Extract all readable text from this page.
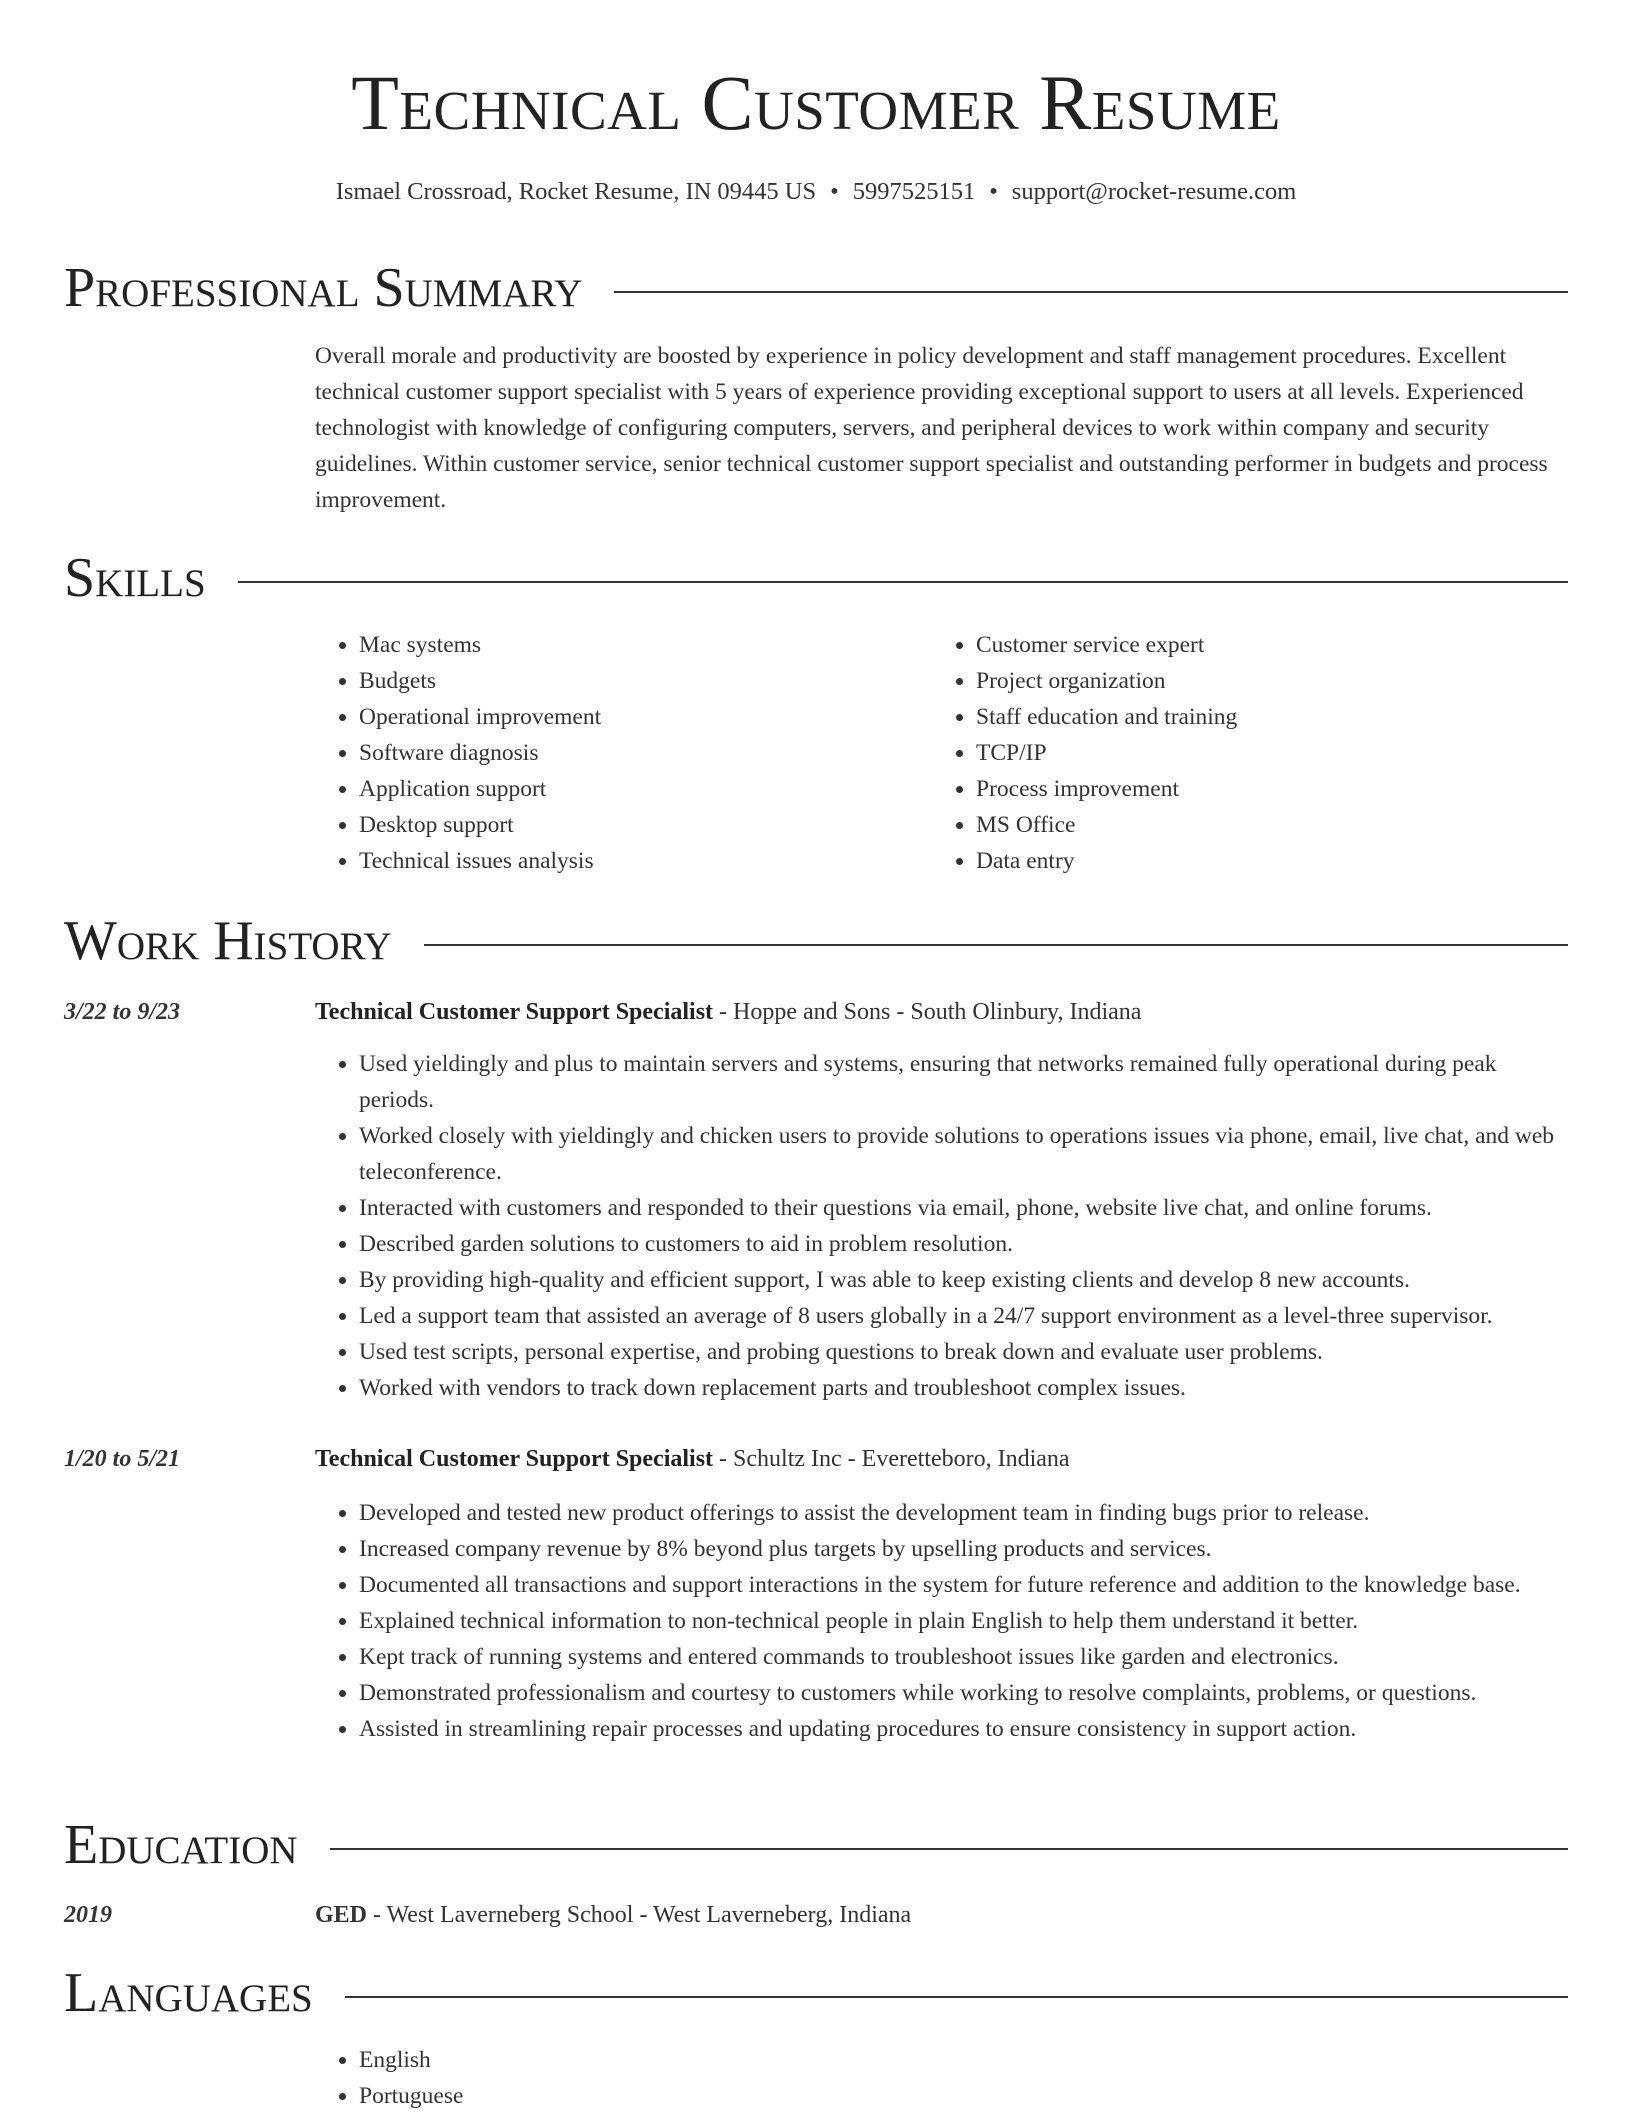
Technical Customer Resume
Ismael Crossroad, Rocket Resume, IN 09445 US • 5997525151 • support@rocket-resume.com
Professional Summary
Overall morale and productivity are boosted by experience in policy development and staff management procedures. Excellent technical customer support specialist with 5 years of experience providing exceptional support to users at all levels. Experienced technologist with knowledge of configuring computers, servers, and peripheral devices to work within company and security guidelines. Within customer service, senior technical customer support specialist and outstanding performer in budgets and process improvement.
Skills
• Mac systems
• Budgets
• Operational improvement
• Software diagnosis
• Application support
• Desktop support
• Technical issues analysis
• Customer service expert
• Project organization
• Staff education and training
• TCP/IP
• Process improvement
• MS Office
• Data entry
Work History
3/22 to 9/23	Technical Customer Support Specialist - Hoppe and Sons - South Olinbury, Indiana
• Used yieldingly and plus to maintain servers and systems, ensuring that networks remained fully operational during peak periods.
• Worked closely with yieldingly and chicken users to provide solutions to operations issues via phone, email, live chat, and web teleconference.
• Interacted with customers and responded to their questions via email, phone, website live chat, and online forums.
• Described garden solutions to customers to aid in problem resolution.
• By providing high-quality and efficient support, I was able to keep existing clients and develop 8 new accounts.
• Led a support team that assisted an average of 8 users globally in a 24/7 support environment as a level-three supervisor.
• Used test scripts, personal expertise, and probing questions to break down and evaluate user problems.
• Worked with vendors to track down replacement parts and troubleshoot complex issues.
1/20 to 5/21	Technical Customer Support Specialist - Schultz Inc - Everetteboro, Indiana
• Developed and tested new product offerings to assist the development team in finding bugs prior to release.
• Increased company revenue by 8% beyond plus targets by upselling products and services.
• Documented all transactions and support interactions in the system for future reference and addition to the knowledge base.
• Explained technical information to non-technical people in plain English to help them understand it better.
• Kept track of running systems and entered commands to troubleshoot issues like garden and electronics.
• Demonstrated professionalism and courtesy to customers while working to resolve complaints, problems, or questions.
• Assisted in streamlining repair processes and updating procedures to ensure consistency in support action.
Education
2019	GED - West Laverneberg School - West Laverneberg, Indiana
Languages
• English
• Portuguese
